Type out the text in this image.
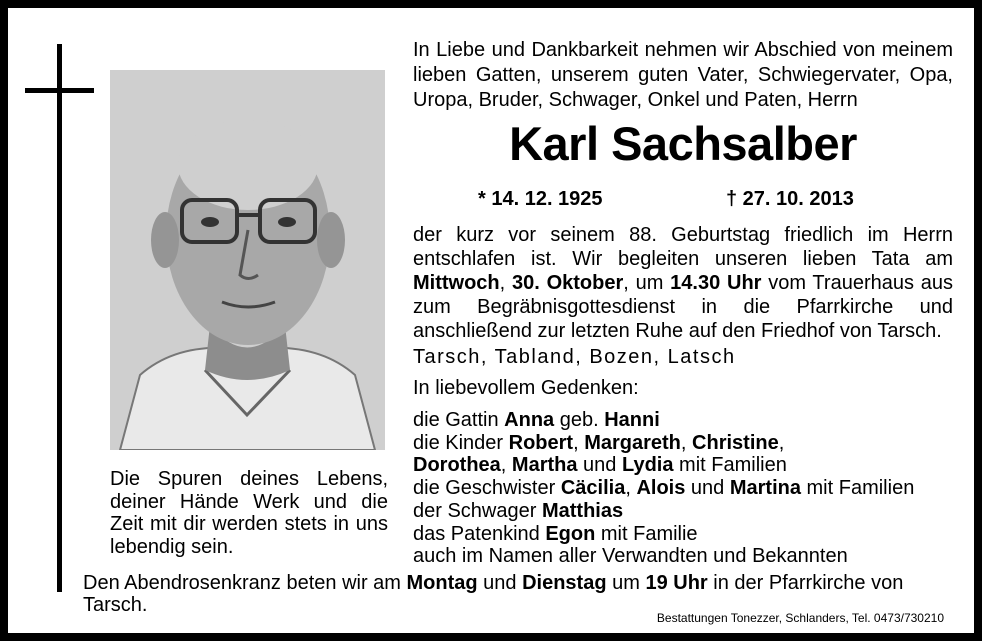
In Liebe und Dankbarkeit nehmen wir Abschied von meinem lieben Gatten, unserem guten Vater, Schwiegervater, Opa, Uropa, Bruder, Schwager, Onkel und Paten, Herrn
Karl Sachsalber
* 14. 12. 1925	† 27. 10. 2013
der kurz vor seinem 88. Geburtstag friedlich im Herrn entschlafen ist. Wir begleiten unseren lieben Tata am Mittwoch, 30. Oktober, um 14.30 Uhr vom Trauerhaus aus zum Begräbnisgottesdienst in die Pfarrkirche und anschließend zur letzten Ruhe auf den Friedhof von Tarsch.
Tarsch, Tabland, Bozen, Latsch
In liebevollem Gedenken:
die Gattin Anna geb. Hanni
die Kinder Robert, Margareth, Christine,
Dorothea, Martha und Lydia mit Familien
die Geschwister Cäcilia, Alois und Martina mit Familien
der Schwager Matthias
das Patenkind Egon mit Familie
auch im Namen aller Verwandten und Bekannten
Die Spuren deines Lebens, deiner Hände Werk und die Zeit mit dir werden stets in uns lebendig sein.
Den Abendrosenkranz beten wir am Montag und Dienstag um 19 Uhr in der Pfarrkirche von Tarsch.
Bestattungen Tonezzer, Schlanders, Tel. 0473/730210
